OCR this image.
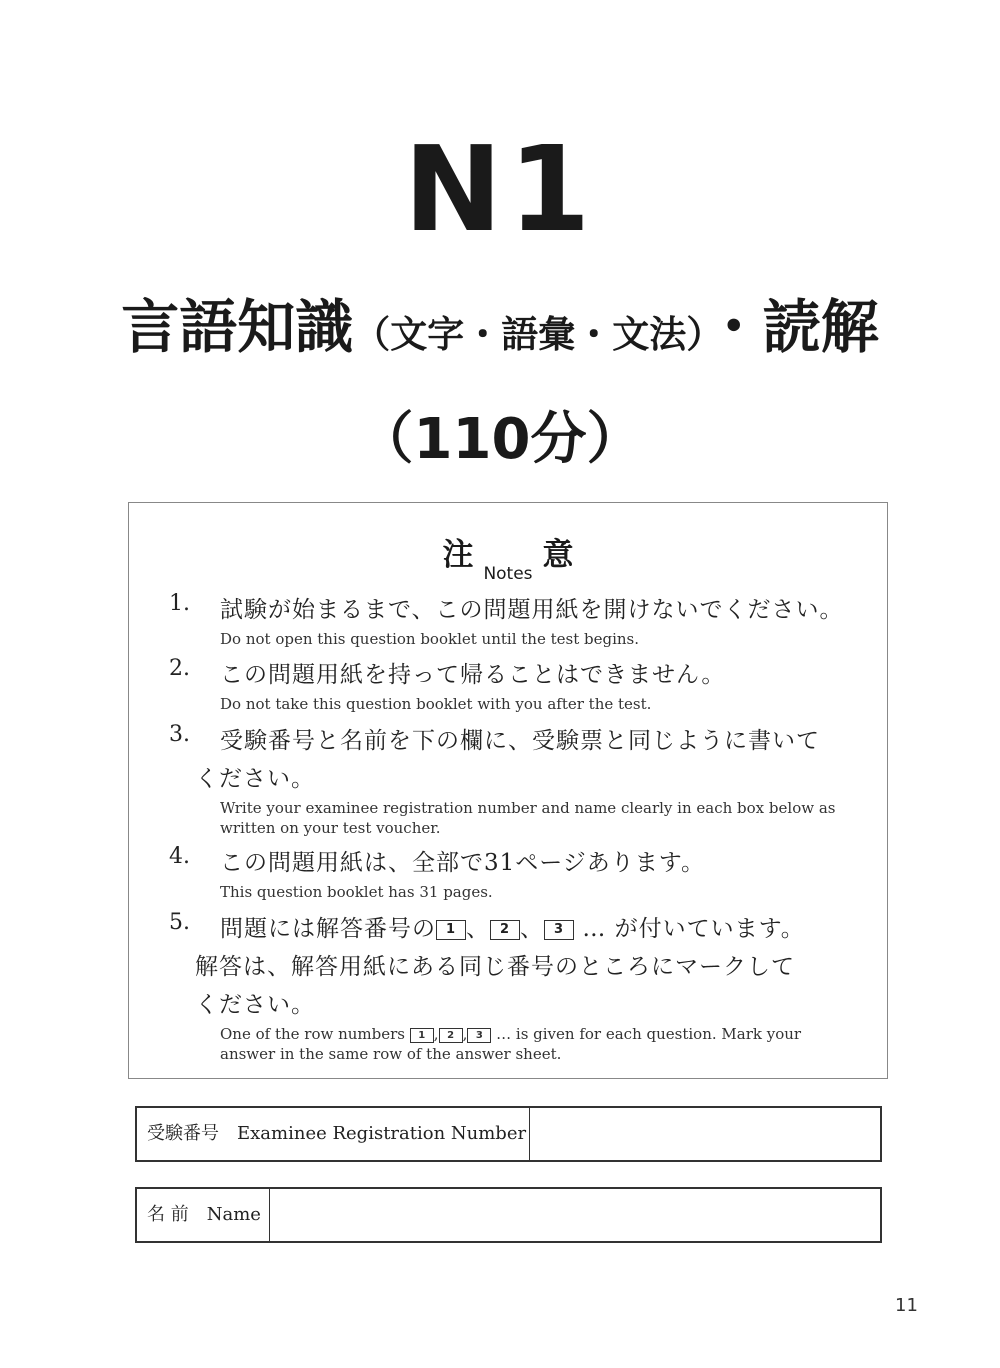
N1
言語知識（文字・語彙・文法）・読解
（110分）
注Notes意
1. 試験が始まるまで、この問題用紙を開けないでください。
Do not open this question booklet until the test begins.
2. この問題用紙を持って帰ることはできません。
Do not take this question booklet with you after the test.
3. 受験番号と名前を下の欄に、受験票と同じように書いて
ください。
Write your examinee registration number and name clearly in each box below as written on your test voucher.
4. この問題用紙は、全部で31ページあります。
This question booklet has 31 pages.
5. 問題には解答番号の 1 、 2 、 3 … が付いています。
解答は、解答用紙にある同じ番号のところにマークして
ください。
One of the row numbers 1 , 2 , 3 … is given for each question. Mark your answer in the same row of the answer sheet.
受験番号　Examinee Registration Number
名 前　Name
11
